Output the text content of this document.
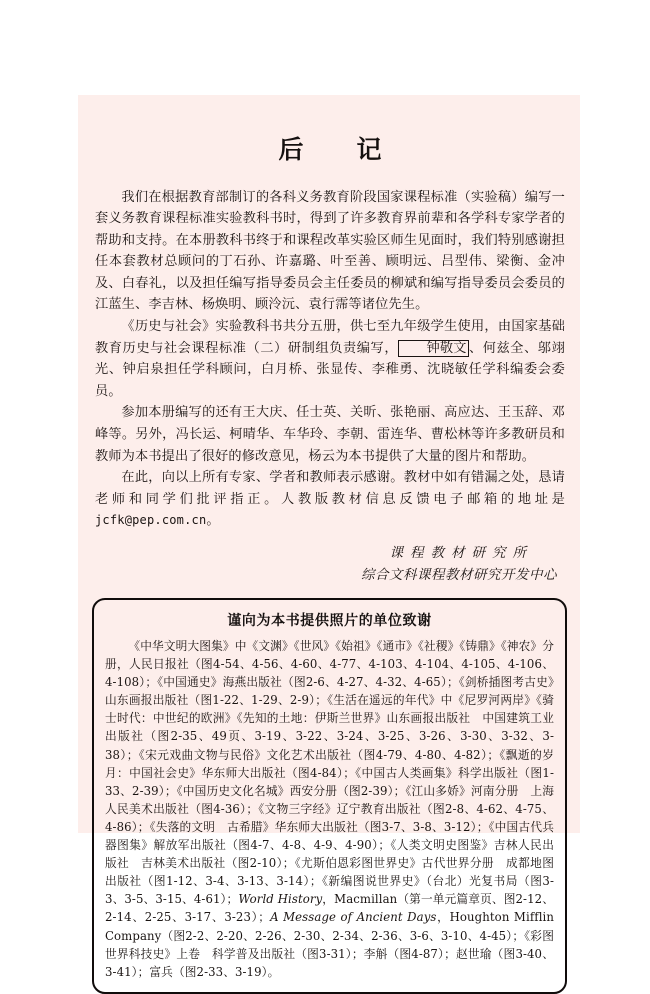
后　记

我们在根据教育部制订的各科义务教育阶段国家课程标准（实验稿）编写一套义务教育课程标准实验教科书时，得到了许多教育界前辈和各学科专家学者的帮助和支持。在本册教科书终于和课程改革实验区师生见面时，我们特别感谢担任本套教材总顾问的丁石孙、许嘉璐、叶至善、顾明远、吕型伟、梁衡、金冲及、白春礼，以及担任编写指导委员会主任委员的柳斌和编写指导委员会委员的江蓝生、李吉林、杨焕明、顾泠沅、袁行霈等诸位先生。

《历史与社会》实验教科书共分五册，供七至九年级学生使用，由国家基础教育历史与社会课程标准（二）研制组负责编写， 钟敬文 、何兹全、邬翊光、钟启泉担任学科顾问，白月桥、张显传、李稚勇、沈晓敏任学科编委会委员。

参加本册编写的还有王大庆、任士英、关昕、张艳丽、高应达、王玉辞、邓峰等。另外，冯长运、柯晴华、车华玲、李朝、雷连华、曹松林等许多教研员和教师为本书提出了很好的修改意见，杨云为本书提供了大量的图片和帮助。

在此，向以上所有专家、学者和教师表示感谢。教材中如有错漏之处，恳请老师和同学们批评指正。人教版教材信息反馈电子邮箱的地址是jcfk@pep.com.cn。

课程教材研究所
综合文科课程教材研究开发中心
谨向为本书提供照片的单位致谢

《中华文明大图集》中《文渊》《世风》《始祖》《通市》《社稷》《铸鼎》《神农》分册，人民日报社（图4-54、4-56、4-60、4-77、4-103、4-104、4-105、4-106、4-108）；《中国通史》海燕出版社（图2-6、4-27、4-32、4-65）；《剑桥插图考古史》山东画报出版社（图1-22、1-29、2-9）；《生活在遥远的年代》中《尼罗河两岸》《骑士时代：中世纪的欧洲》《先知的土地：伊斯兰世界》山东画报出版社　中国建筑工业出版社（图2-35、49页、3-19、3-22、3-24、3-25、3-26、3-30、3-32、3-38）；《宋元戏曲文物与民俗》文化艺术出版社（图4-79、4-80、4-82）；《飘逝的岁月：中国社会史》华东师大出版社（图4-84）；《中国古人类画集》科学出版社（图1-33、2-39）；《中国历史文化名城》西安分册（图2-39）；《江山多娇》河南分册　上海人民美术出版社（图4-36）；《文物三字经》辽宁教育出版社（图2-8、4-62、4-75、4-86）；《失落的文明　古希腊》华东师大出版社（图3-7、3-8、3-12）；《中国古代兵器图集》解放军出版社（图4-7、4-8、4-9、4-90）；《人类文明史图鉴》吉林人民出版社　吉林美术出版社（图2-10）；《尤斯伯恩彩图世界史》古代世界分册　成都地图出版社（图1-12、3-4、3-13、3-14）；《新编图说世界史》（台北）光复书局（图3-3、3-5、3-15、4-61）；World History，Macmillan（第一单元篇章页、图2-12、2-14、2-25、3-17、3-23）；A Message of Ancient Days，Houghton Mifflin Company（图2-2、2-20、2-26、2-30、2-34、2-36、3-6、3-10、4-45）；《彩图世界科技史》上卷　科学普及出版社（图3-31）；李斛（图4-87）；赵世瑜（图3-40、3-41）；富兵（图2-33、3-19）。
